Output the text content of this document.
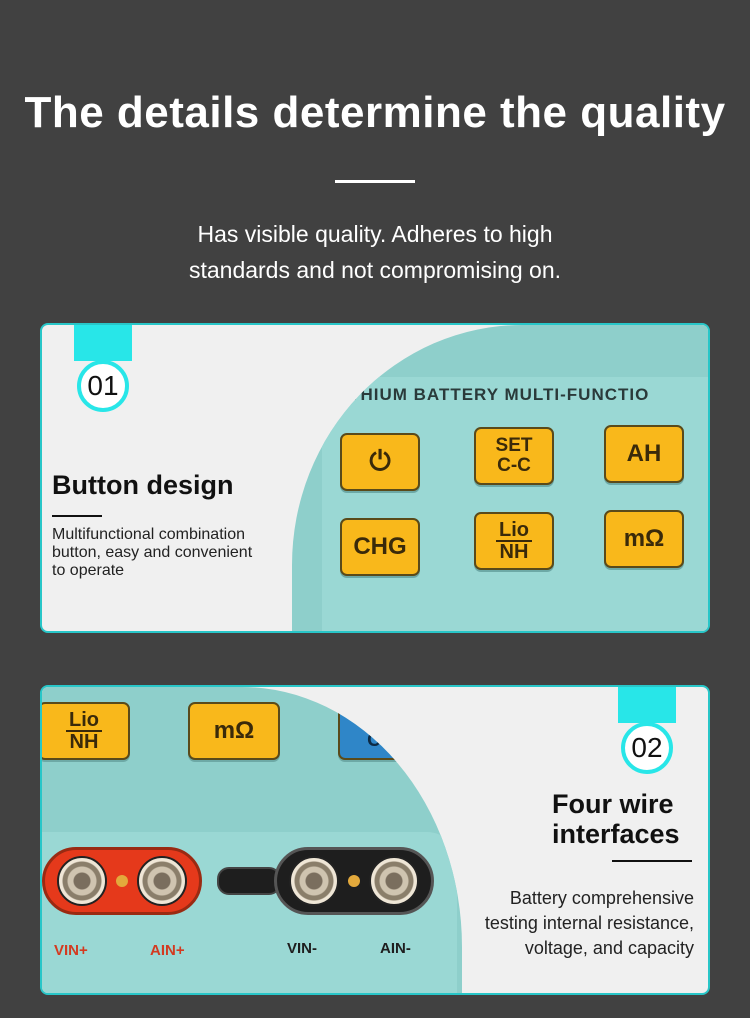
The details determine the quality
Has visible quality. Adheres to high
standards and not compromising on.
LITHIUM BATTERY MULTI-FUNCTIO
⏻
SET
C-C	AH
CHG	$\frac{\text{Lio}}{NH}$	mΩ
01
Button design
Multifunctional combination
button, easy and convenient
to operate
$\frac{\text{Lio}}{NH}$	mΩ	SET
C-C
VIN+	AIN+	VIN-	AIN-
02
Four wire
interfaces
Battery comprehensive
testing internal resistance,
voltage, and capacity
